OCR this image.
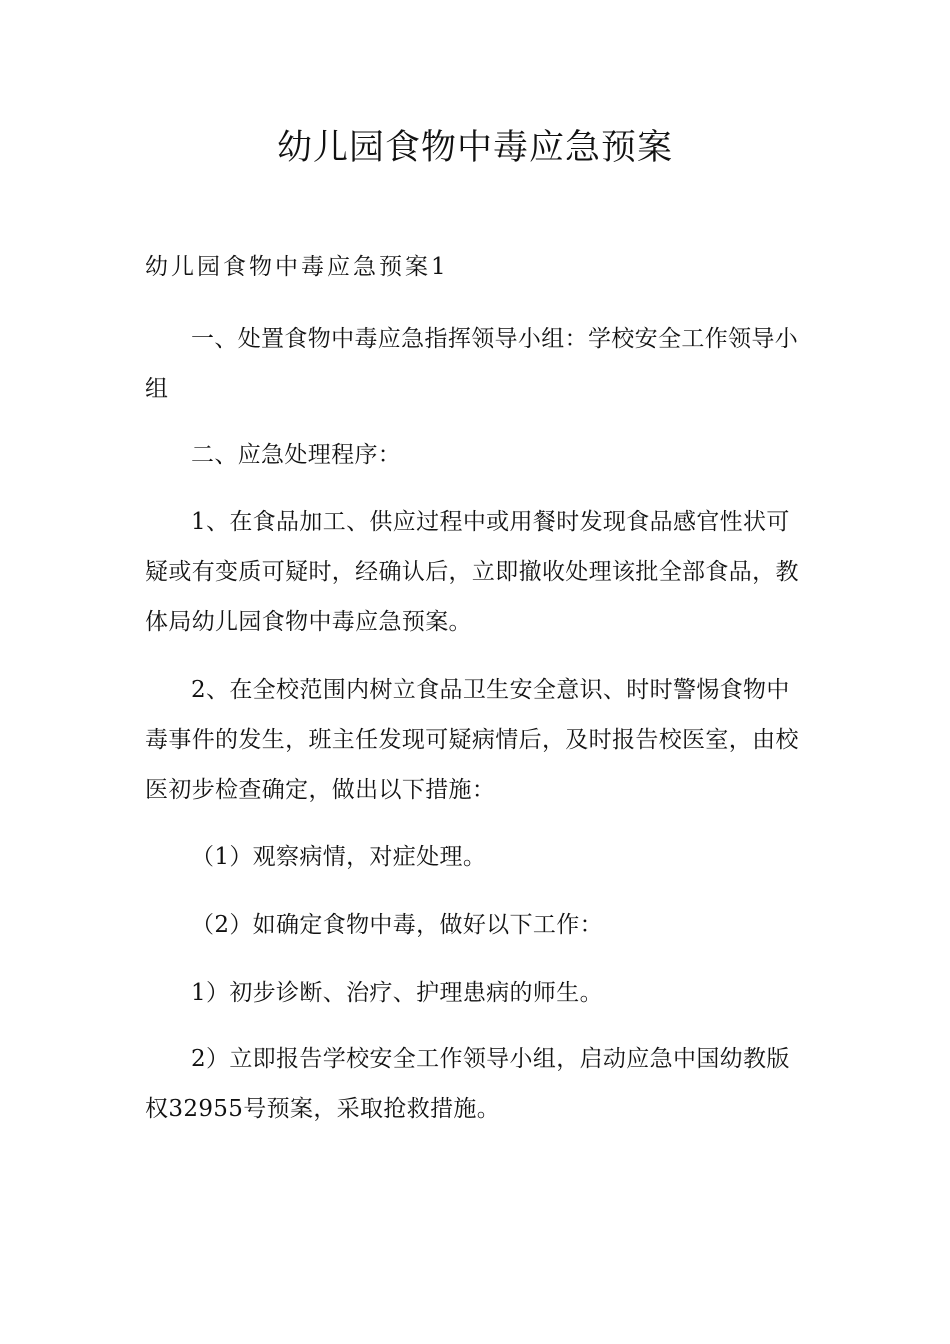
幼儿园食物中毒应急预案
幼儿园食物中毒应急预案1

一、处置食物中毒应急指挥领导小组：学校安全工作领导小组

二、应急处理程序：

1、在食品加工、供应过程中或用餐时发现食品感官性状可疑或有变质可疑时，经确认后，立即撤收处理该批全部食品，教体局幼儿园食物中毒应急预案。

2、在全校范围内树立食品卫生安全意识、时时警惕食物中毒事件的发生，班主任发现可疑病情后，及时报告校医室，由校医初步检查确定，做出以下措施：

（1）观察病情，对症处理。

（2）如确定食物中毒，做好以下工作：

1）初步诊断、治疗、护理患病的师生。

2）立即报告学校安全工作领导小组，启动应急中国幼教版权32955号预案，采取抢救措施。
